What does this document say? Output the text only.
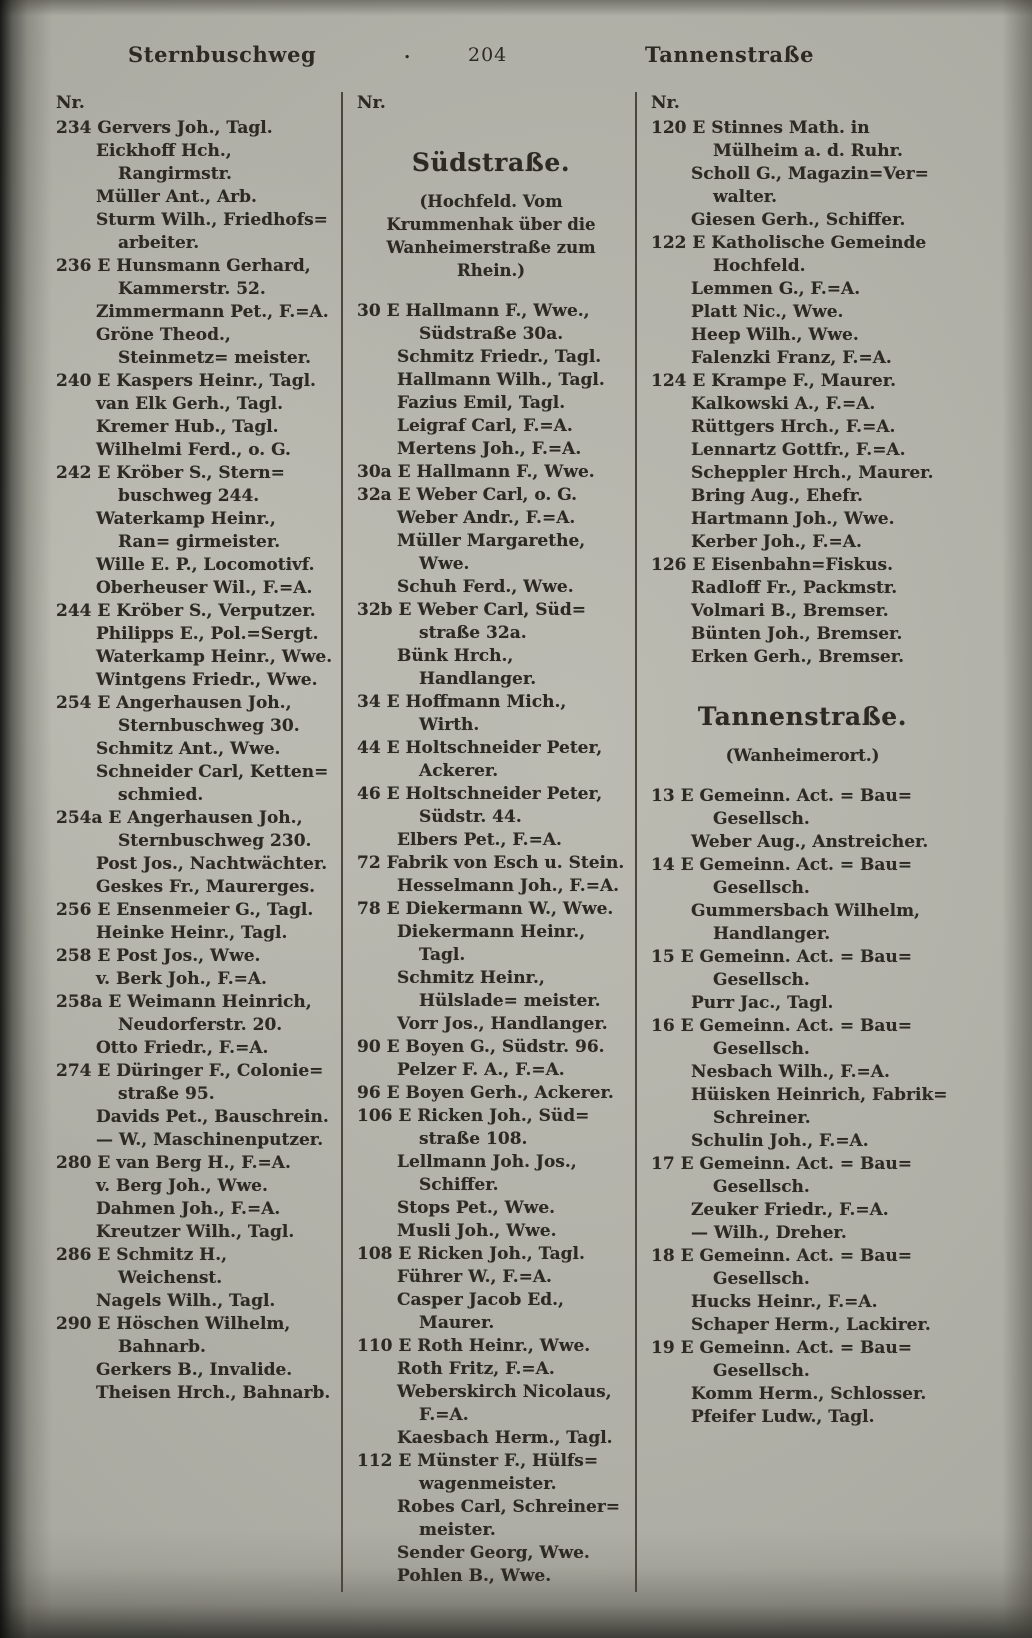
Sternbuschweg	.	204	Tannenstraße
Nr.
234 Gervers Joh., Tagl.
Eickhoff Hch., Rangirmstr.
Müller Ant., Arb.
Sturm Wilh., Friedhofs= arbeiter.
236 E Hunsmann Gerhard, Kammerstr. 52.
Zimmermann Pet., F.=A.
Gröne Theod., Steinmetz= meister.
240 E Kaspers Heinr., Tagl.
van Elk Gerh., Tagl.
Kremer Hub., Tagl.
Wilhelmi Ferd., o. G.
242 E Kröber S., Stern= buschweg 244.
Waterkamp Heinr., Ran= girmeister.
Wille E. P., Locomotivf.
Oberheuser Wil., F.=A.
244 E Kröber S., Verputzer.
Philipps E., Pol.=Sergt.
Waterkamp Heinr., Wwe.
Wintgens Friedr., Wwe.
254 E Angerhausen Joh., Sternbuschweg 30.
Schmitz Ant., Wwe.
Schneider Carl, Ketten= schmied.
254a E Angerhausen Joh., Sternbuschweg 230.
Post Jos., Nachtwächter.
Geskes Fr., Maurerges.
256 E Ensenmeier G., Tagl.
Heinke Heinr., Tagl.
258 E Post Jos., Wwe.
v. Berk Joh., F.=A.
258a E Weimann Heinrich, Neudorferstr. 20.
Otto Friedr., F.=A.
274 E Düringer F., Colonie= straße 95.
Davids Pet., Bauschrein.
— W., Maschinenputzer.
280 E van Berg H., F.=A.
v. Berg Joh., Wwe.
Dahmen Joh., F.=A.
Kreutzer Wilh., Tagl.
286 E Schmitz H., Weichenst.
Nagels Wilh., Tagl.
290 E Höschen Wilhelm, Bahnarb.
Gerkers B., Invalide.
Theisen Hrch., Bahnarb.
Nr.
Südstraße.
(Hochfeld. Vom Krummenhak über die Wanheimerstraße zum Rhein.)
30 E Hallmann F., Wwe., Südstraße 30a.
Schmitz Friedr., Tagl.
Hallmann Wilh., Tagl.
Fazius Emil, Tagl.
Leigraf Carl, F.=A.
Mertens Joh., F.=A.
30a E Hallmann F., Wwe.
32a E Weber Carl, o. G.
Weber Andr., F.=A.
Müller Margarethe, Wwe.
Schuh Ferd., Wwe.
32b E Weber Carl, Süd= straße 32a.
Bünk Hrch., Handlanger.
34 E Hoffmann Mich., Wirth.
44 E Holtschneider Peter, Ackerer.
46 E Holtschneider Peter, Südstr. 44.
Elbers Pet., F.=A.
72 Fabrik von Esch u. Stein.
Hesselmann Joh., F.=A.
78 E Diekermann W., Wwe.
Diekermann Heinr., Tagl.
Schmitz Heinr., Hülslade= meister.
Vorr Jos., Handlanger.
90 E Boyen G., Südstr. 96.
Pelzer F. A., F.=A.
96 E Boyen Gerh., Ackerer.
106 E Ricken Joh., Süd= straße 108.
Lellmann Joh. Jos., Schiffer.
Stops Pet., Wwe.
Musli Joh., Wwe.
108 E Ricken Joh., Tagl.
Führer W., F.=A.
Casper Jacob Ed., Maurer.
110 E Roth Heinr., Wwe.
Roth Fritz, F.=A.
Weberskirch Nicolaus, F.=A.
Kaesbach Herm., Tagl.
112 E Münster F., Hülfs= wagenmeister.
Robes Carl, Schreiner= meister.
Sender Georg, Wwe.
Pohlen B., Wwe.
Nr.
120 E Stinnes Math. in Mülheim a. d. Ruhr.
Scholl G., Magazin=Ver= walter.
Giesen Gerh., Schiffer.
122 E Katholische Gemeinde Hochfeld.
Lemmen G., F.=A.
Platt Nic., Wwe.
Heep Wilh., Wwe.
Falenzki Franz, F.=A.
124 E Krampe F., Maurer.
Kalkowski A., F.=A.
Rüttgers Hrch., F.=A.
Lennartz Gottfr., F.=A.
Scheppler Hrch., Maurer.
Bring Aug., Ehefr.
Hartmann Joh., Wwe.
Kerber Joh., F.=A.
126 E Eisenbahn=Fiskus.
Radloff Fr., Packmstr.
Volmari B., Bremser.
Bünten Joh., Bremser.
Erken Gerh., Bremser.
Tannenstraße.
(Wanheimerort.)
13 E Gemeinn. Act. = Bau= Gesellsch.
Weber Aug., Anstreicher.
14 E Gemeinn. Act. = Bau= Gesellsch.
Gummersbach Wilhelm, Handlanger.
15 E Gemeinn. Act. = Bau= Gesellsch.
Purr Jac., Tagl.
16 E Gemeinn. Act. = Bau= Gesellsch.
Nesbach Wilh., F.=A.
Hüisken Heinrich, Fabrik= Schreiner.
Schulin Joh., F.=A.
17 E Gemeinn. Act. = Bau= Gesellsch.
Zeuker Friedr., F.=A.
— Wilh., Dreher.
18 E Gemeinn. Act. = Bau= Gesellsch.
Hucks Heinr., F.=A.
Schaper Herm., Lackirer.
19 E Gemeinn. Act. = Bau= Gesellsch.
Komm Herm., Schlosser.
Pfeifer Ludw., Tagl.
